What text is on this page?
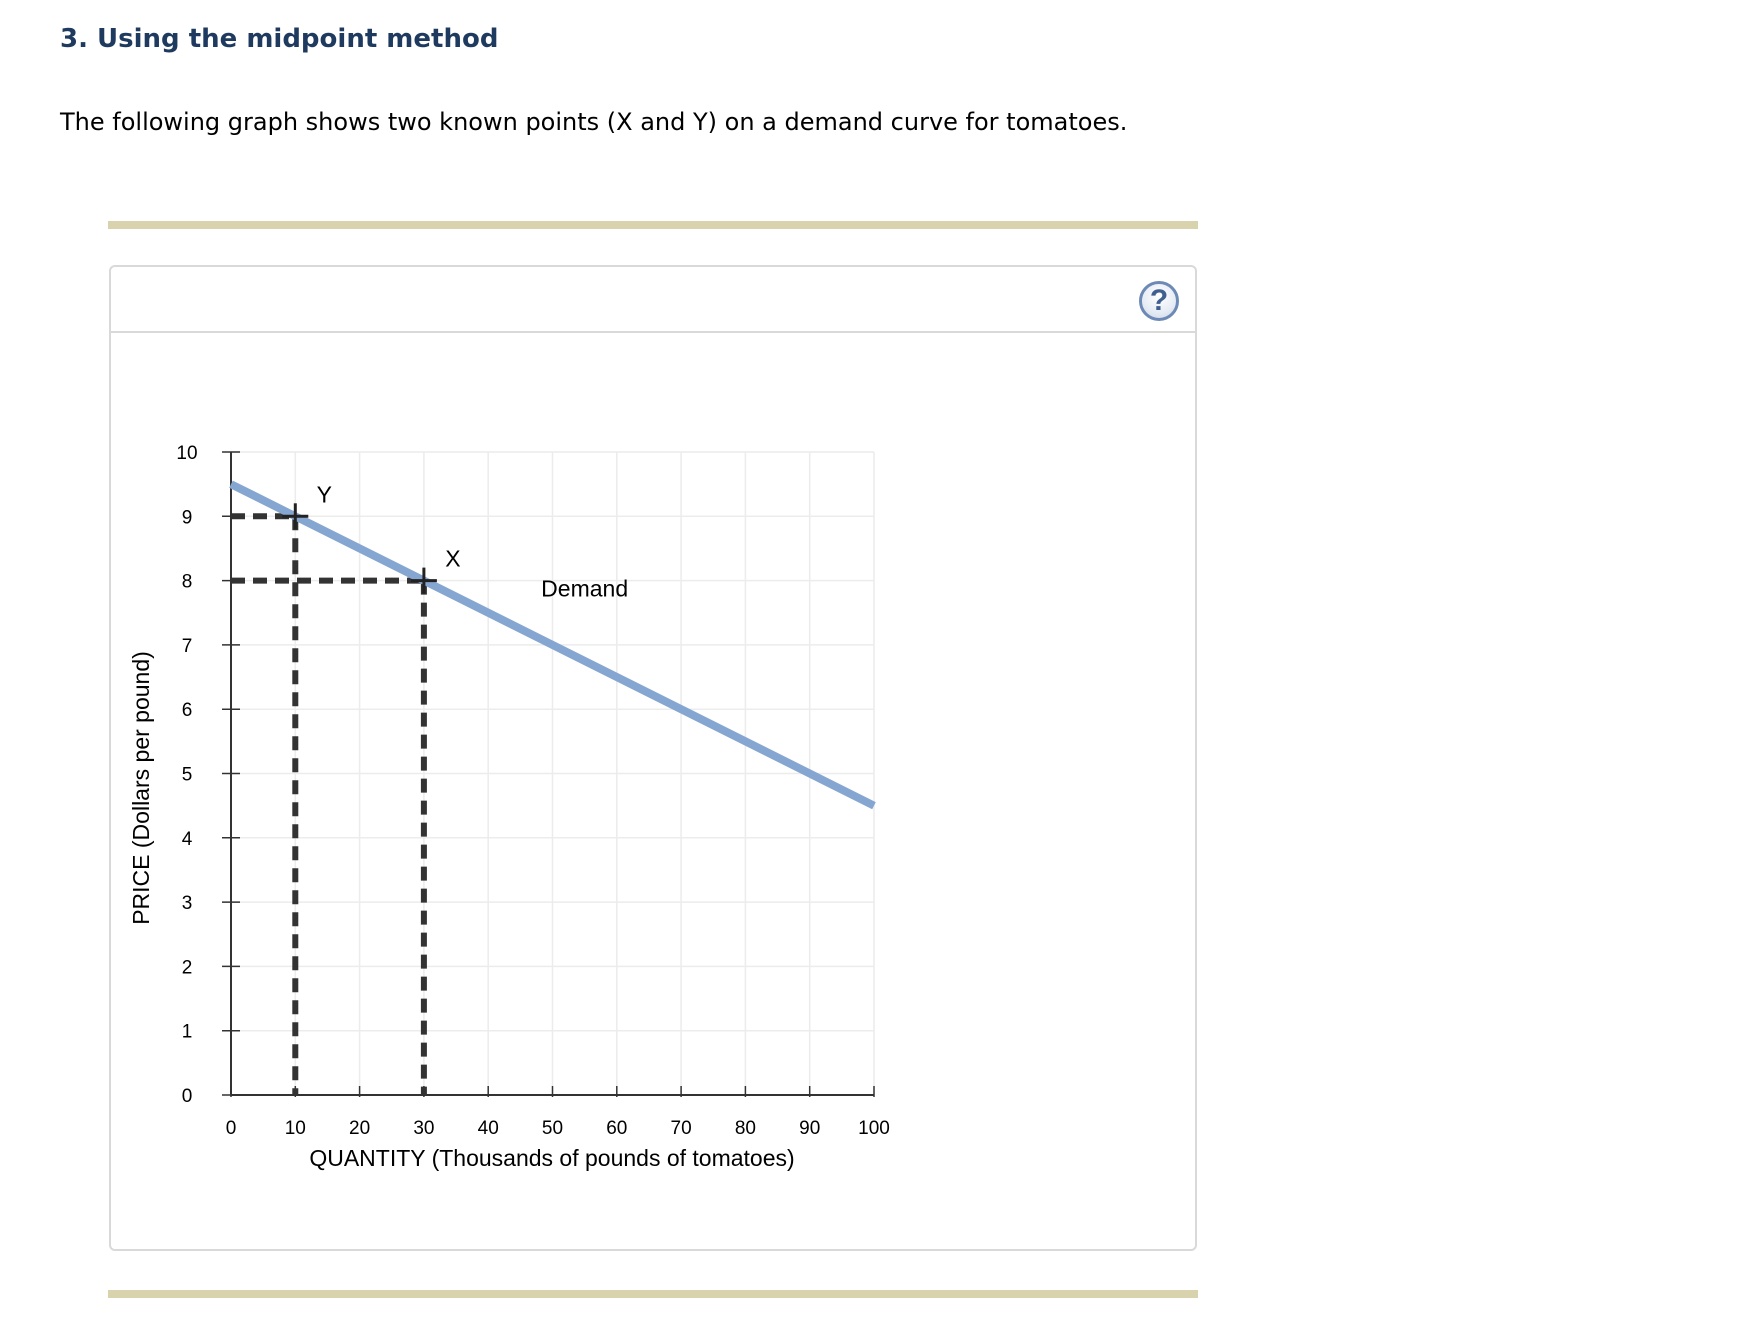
3. Using the midpoint method

The following graph shows two known points (X and Y) on a demand curve for tomatoes.

?
0	10 20 30 40 50 60 70 80 90 100
0
1
2
3
4
5
6
7
8
9
10
Demand
Y
X
QUANTITY (Thousands of pounds of tomatoes)
PRICE (Dollars per pound)
